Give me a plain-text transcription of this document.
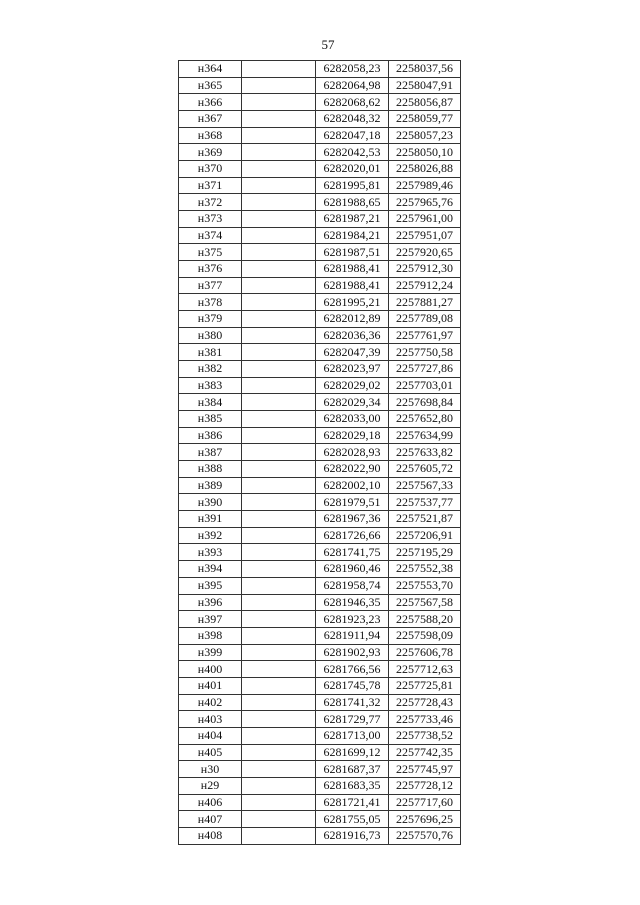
57
н364		6282058,23	2258037,56
н365		6282064,98	2258047,91
н366		6282068,62	2258056,87
н367		6282048,32	2258059,77
н368		6282047,18	2258057,23
н369		6282042,53	2258050,10
н370		6282020,01	2258026,88
н371		6281995,81	2257989,46
н372		6281988,65	2257965,76
н373		6281987,21	2257961,00
н374		6281984,21	2257951,07
н375		6281987,51	2257920,65
н376		6281988,41	2257912,30
н377		6281988,41	2257912,24
н378		6281995,21	2257881,27
н379		6282012,89	2257789,08
н380		6282036,36	2257761,97
н381		6282047,39	2257750,58
н382		6282023,97	2257727,86
н383		6282029,02	2257703,01
н384		6282029,34	2257698,84
н385		6282033,00	2257652,80
н386		6282029,18	2257634,99
н387		6282028,93	2257633,82
н388		6282022,90	2257605,72
н389		6282002,10	2257567,33
н390		6281979,51	2257537,77
н391		6281967,36	2257521,87
н392		6281726,66	2257206,91
н393		6281741,75	2257195,29
н394		6281960,46	2257552,38
н395		6281958,74	2257553,70
н396		6281946,35	2257567,58
н397		6281923,23	2257588,20
н398		6281911,94	2257598,09
н399		6281902,93	2257606,78
н400		6281766,56	2257712,63
н401		6281745,78	2257725,81
н402		6281741,32	2257728,43
н403		6281729,77	2257733,46
н404		6281713,00	2257738,52
н405		6281699,12	2257742,35
н30		6281687,37	2257745,97
н29		6281683,35	2257728,12
н406		6281721,41	2257717,60
н407		6281755,05	2257696,25
н408		6281916,73	2257570,76
